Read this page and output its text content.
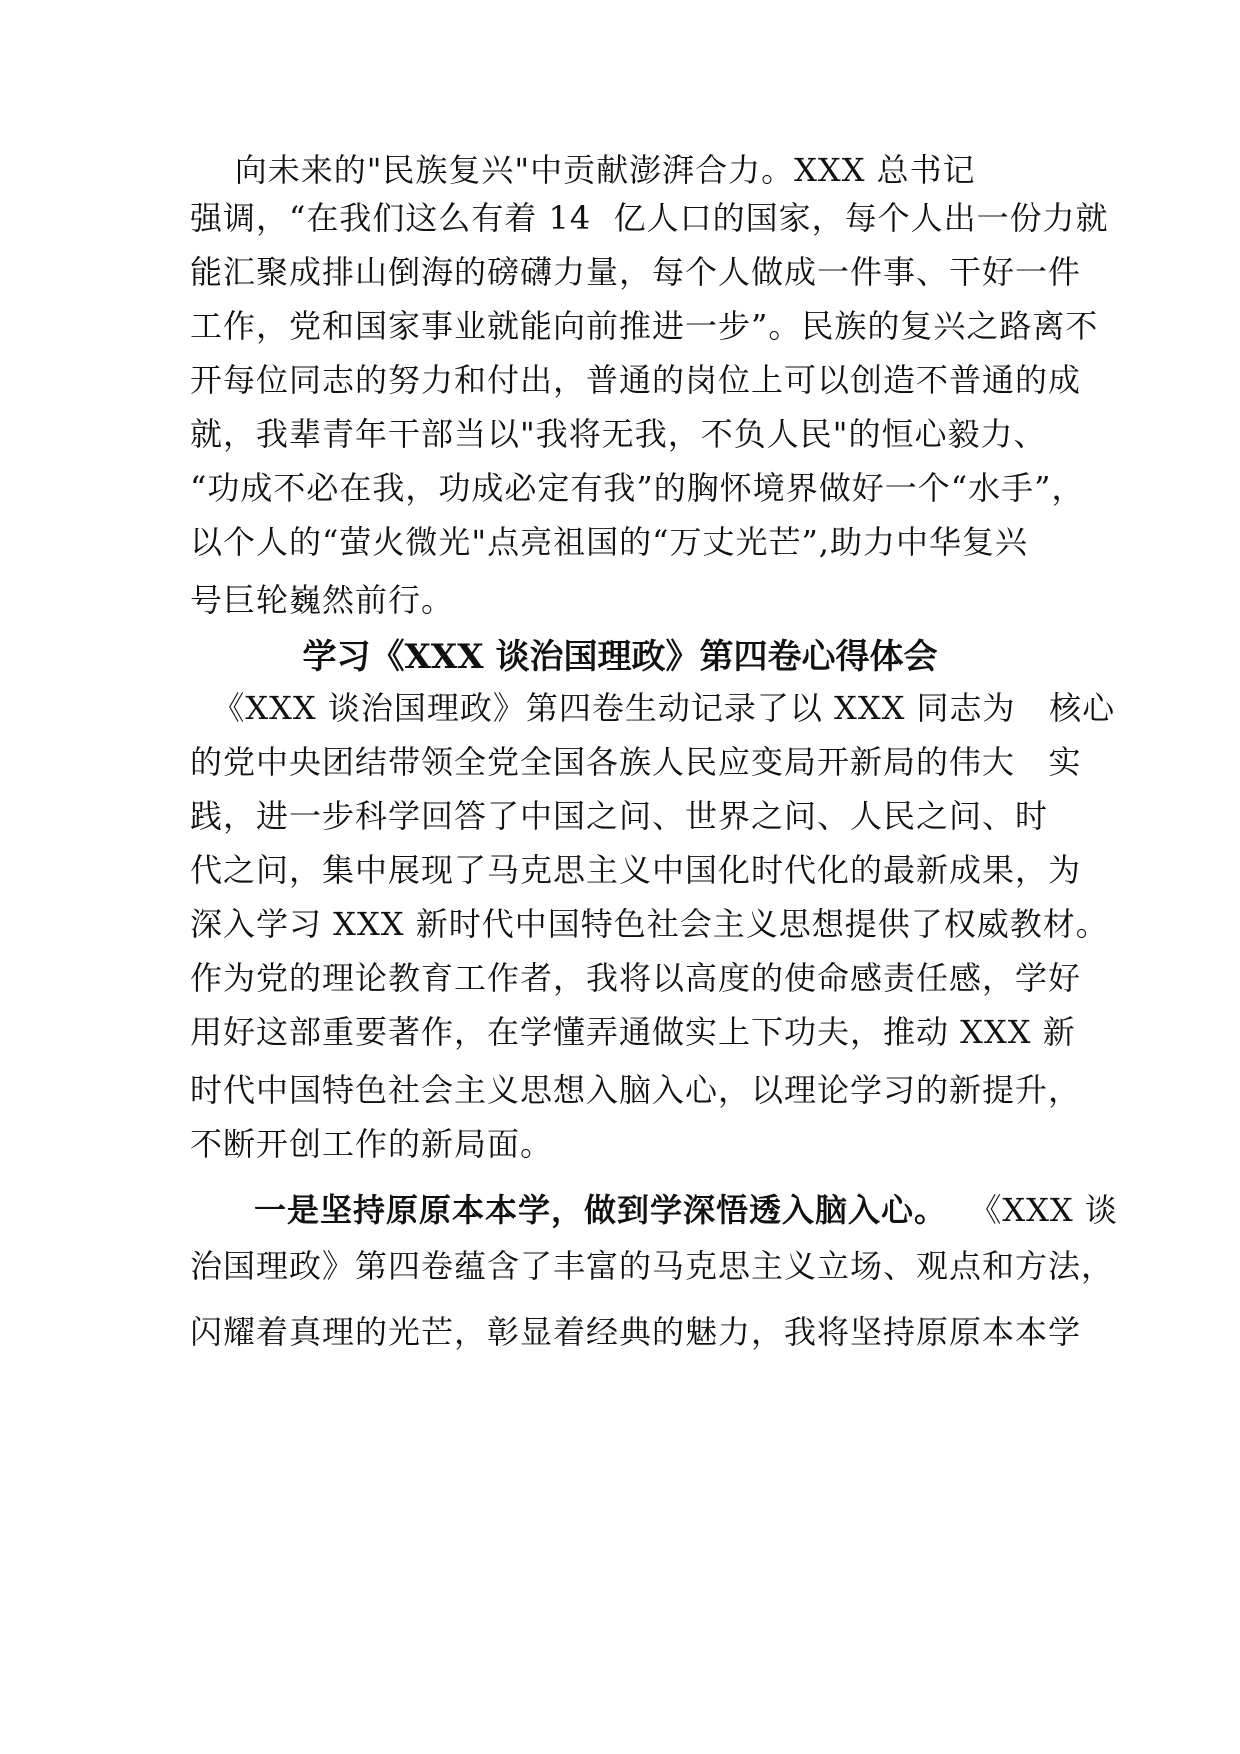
向未来的"民族复兴"中贡献澎湃合力。XXX 总书记
强调，“在我们这么有着 14  亿人口的国家，每个人出一份力就
能汇聚成排山倒海的磅礴力量，每个人做成一件事、干好一件
工作，党和国家事业就能向前推进一步”。民族的复兴之路离不
开每位同志的努力和付出，普通的岗位上可以创造不普通的成
就，我辈青年干部当以"我将无我，不负人民"的恒心毅力、
“功成不必在我，功成必定有我”的胸怀境界做好一个“水手”，
以个人的“萤火微光"点亮祖国的“万丈光芒”,助力中华复兴
号巨轮巍然前行。
学习《XXX 谈治国理政》第四卷心得体会
《XXX 谈治国理政》第四卷生动记录了以 XXX 同志为   核心
的党中央团结带领全党全国各族人民应变局开新局的伟大   实
践，进一步科学回答了中国之问、世界之问、人民之问、时
代之问，集中展现了马克思主义中国化时代化的最新成果，为
深入学习 XXX 新时代中国特色社会主义思想提供了权威教材。
作为党的理论教育工作者，我将以高度的使命感责任感，学好
用好这部重要著作，在学懂弄通做实上下功夫，推动 XXX 新
时代中国特色社会主义思想入脑入心，以理论学习的新提升，
不断开创工作的新局面。
一是坚持原原本本学，做到学深悟透入脑入心。  《XXX 谈
治国理政》第四卷蕴含了丰富的马克思主义立场、观点和方法，
闪耀着真理的光芒，彰显着经典的魅力，我将坚持原原本本学
